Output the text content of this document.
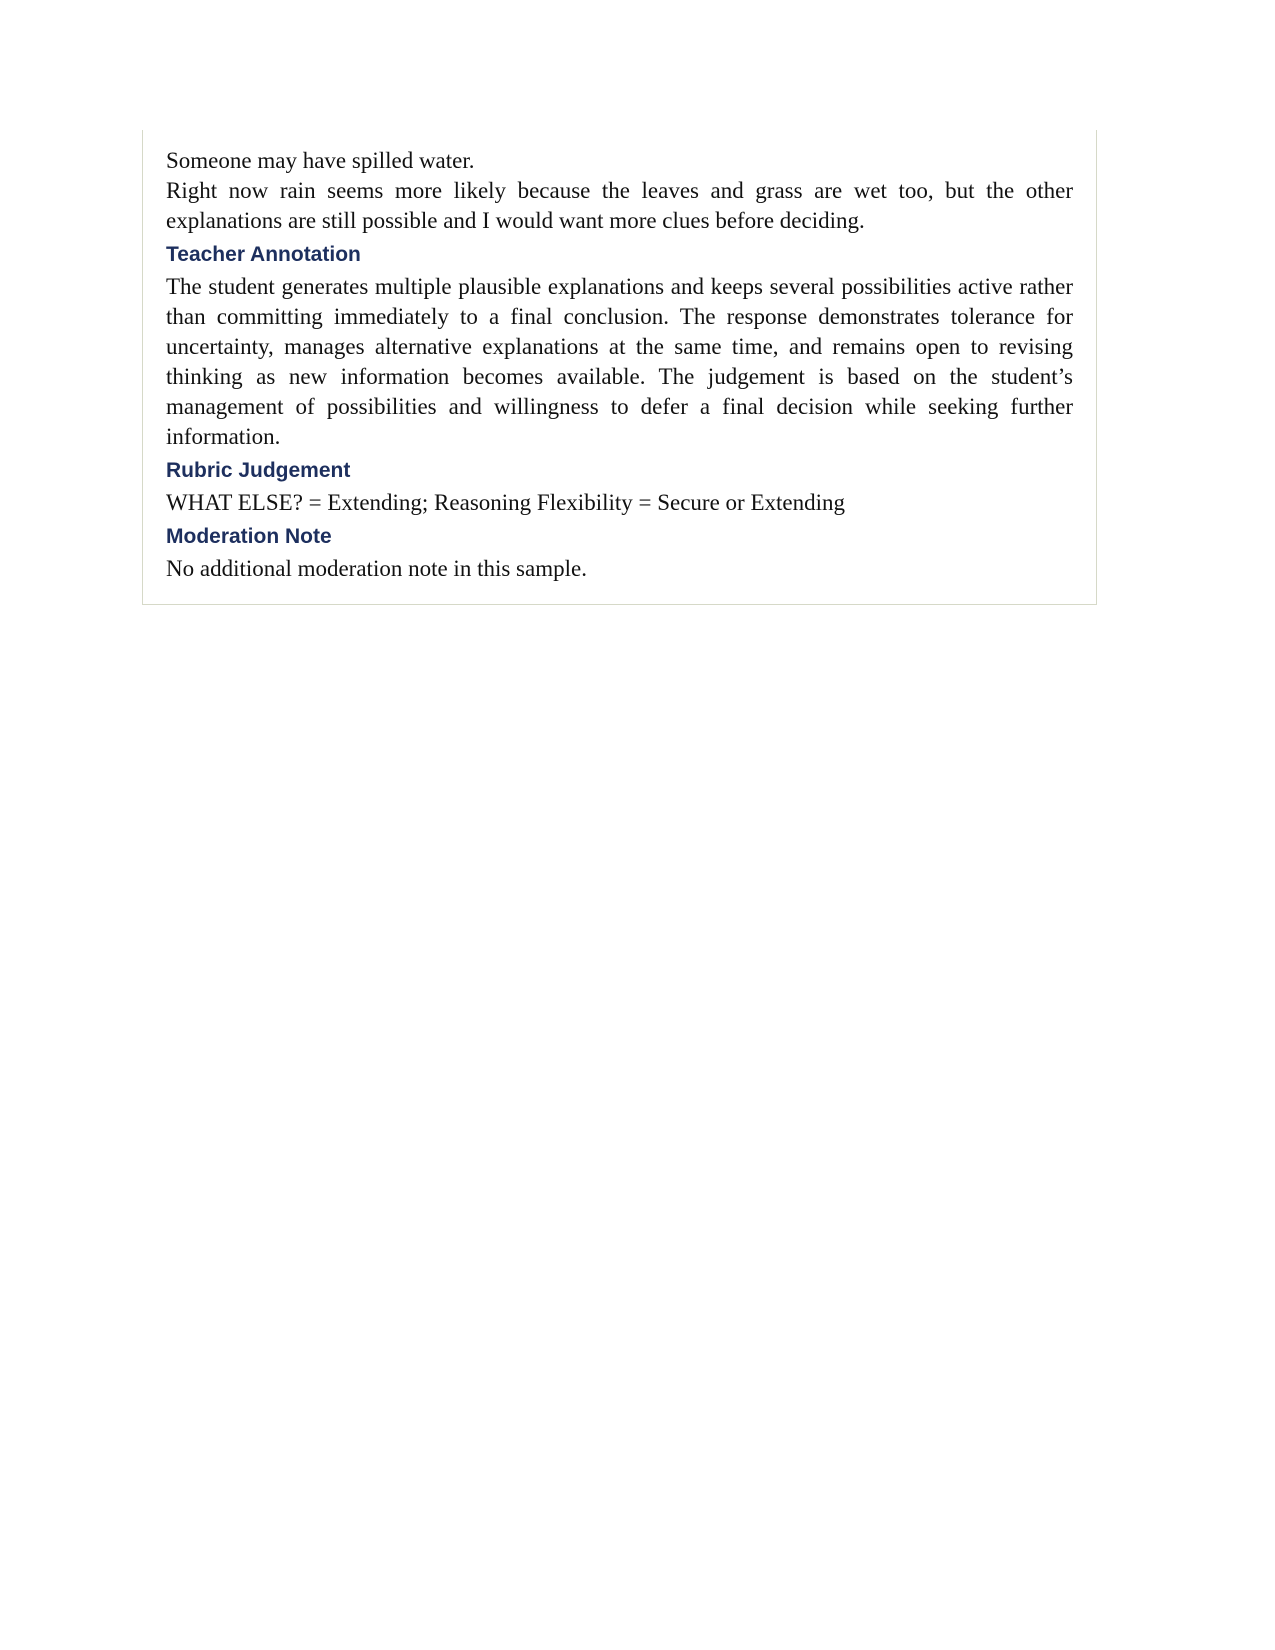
Someone may have spilled water.

Right now rain seems more likely because the leaves and grass are wet too, but the other explanations are still possible and I would want more clues before deciding.

Teacher Annotation

The student generates multiple plausible explanations and keeps several possibilities active rather than committing immediately to a final conclusion. The response demonstrates tolerance for uncertainty, manages alternative explanations at the same time, and remains open to revising thinking as new information becomes available. The judgement is based on the student’s management of possibilities and willingness to defer a final decision while seeking further information.

Rubric Judgement

WHAT ELSE? = Extending; Reasoning Flexibility = Secure or Extending

Moderation Note

No additional moderation note in this sample.
